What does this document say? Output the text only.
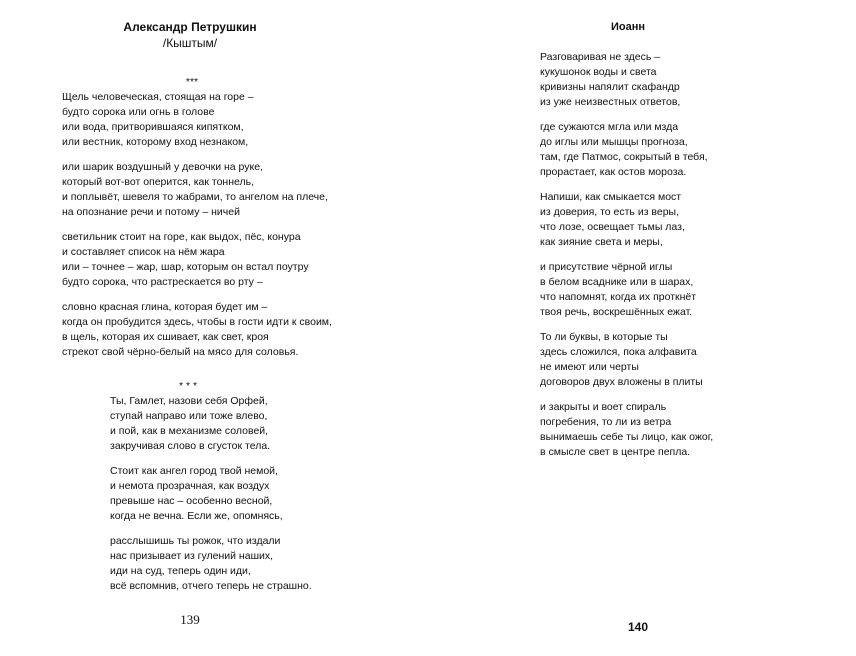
Александр Петрушкин
/Кыштым/
***
Щель человеческая, стоящая на горе –
будто сорока или огнь в голове
или вода, притворившаяся кипятком,
или вестник, которому вход незнаком,
или шарик воздушный у девочки на руке,
который вот-вот оперится, как тоннель,
и поплывёт, шевеля то жабрами, то ангелом на плече,
на опознание речи и потому – ничей
светильник стоит на горе, как выдох, пёс, конура
и составляет список на нём жара
или – точнее – жар, шар, которым он встал поутру
будто сорока, что растрескается во рту –
словно красная глина, которая будет им –
когда он пробудится здесь, чтобы в гости идти к своим,
в щель, которая их сшивает, как свет, кроя
стрекот свой чёрно-белый на мясо для соловья.
* * *
Ты, Гамлет, назови себя Орфей,
ступай направо или тоже влево,
и пой, как в механизме соловей,
закручивая слово в сгусток тела.
Стоит как ангел город твой немой,
и немота прозрачная, как воздух
превыше нас – особенно весной,
когда не вечна. Если же, опомнясь,
расслышишь ты рожок, что издали
нас призывает из гулений наших,
иди на суд, теперь один иди,
всё вспомнив, отчего теперь не страшно.
139
Иоанн
Разговаривая не здесь –
кукушонок воды и света
кривизны напялит скафандр
из уже неизвестных ответов,
где сужаются мгла или мзда
до иглы или мышцы прогноза,
там, где Патмос, сокрытый в тебя,
прорастает, как остов мороза.
Напиши, как смыкается мост
из доверия, то есть из веры,
что лозе, освещает тьмы лаз,
как зияние света и меры,
и присутствие чёрной иглы
в белом всаднике или в шарах,
что напомнят, когда их проткнёт
твоя речь, воскрешённых ежат.
То ли буквы, в которые ты
здесь сложился, пока алфавита
не имеют или черты
договоров двух вложены в плиты
и закрыты и воет спираль
погребения, то ли из ветра
вынимаешь себе ты лицо, как ожог,
в смысле свет в центре пепла.
140
